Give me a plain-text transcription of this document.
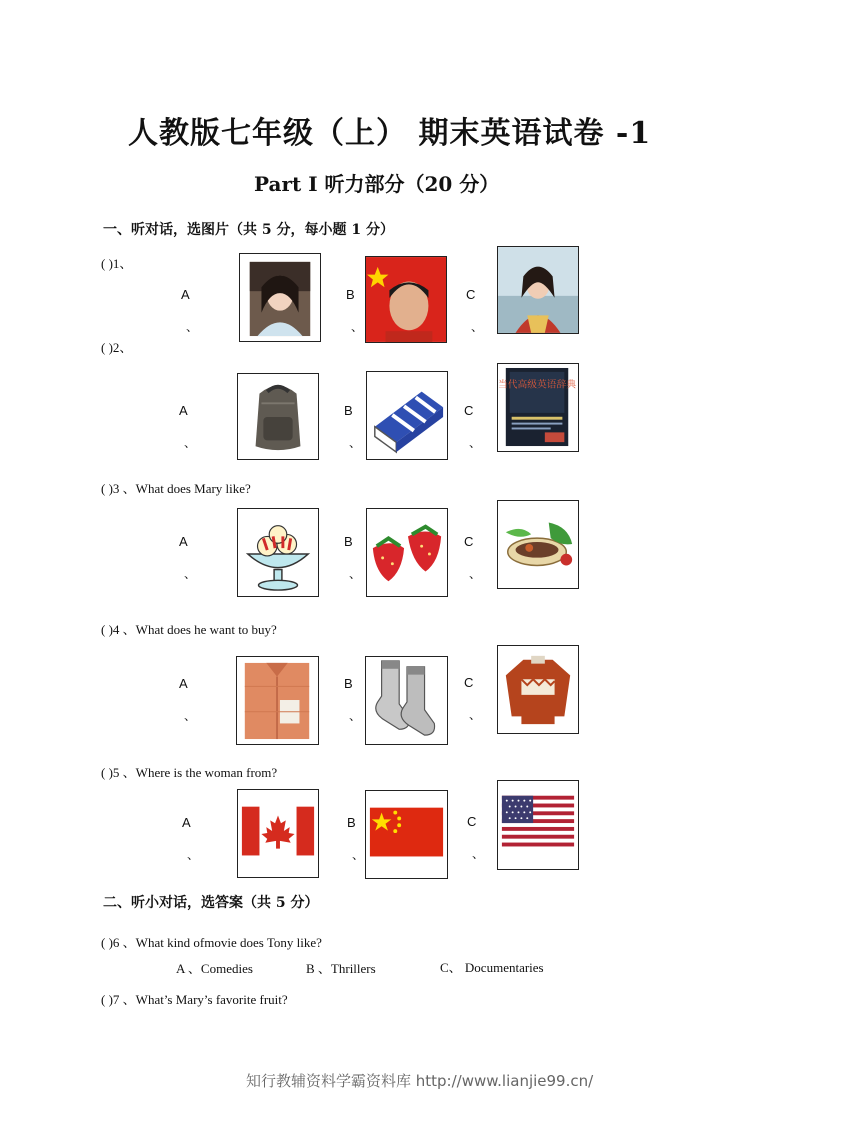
人教版七年级（上） 期末英语试卷 -1
Part Ⅰ 听力部分（20 分）
一、听对话，选图片（共 5 分，每小题 1 分）
( )1、
A
、
B
、
C
、
( )2、
A
、
B
、
C
、
当代高级英语辞典
( )3 、What does Mary like?
A
、
B
、
C
、
( )4 、What does he want to buy?
A
、
B
、
C
、
( )5 、Where is the woman from?
A
、
B
、
C
、
二、听小对话，选答案（共 5 分）
( )6 、What kind ofmovie does Tony like?
A 、Comedies	B 、Thrillers	C、 Documentaries
( )7 、What’s Mary’s favorite fruit?
知行教辅资料学霸资料库 http://www.lianjie99.cn/
